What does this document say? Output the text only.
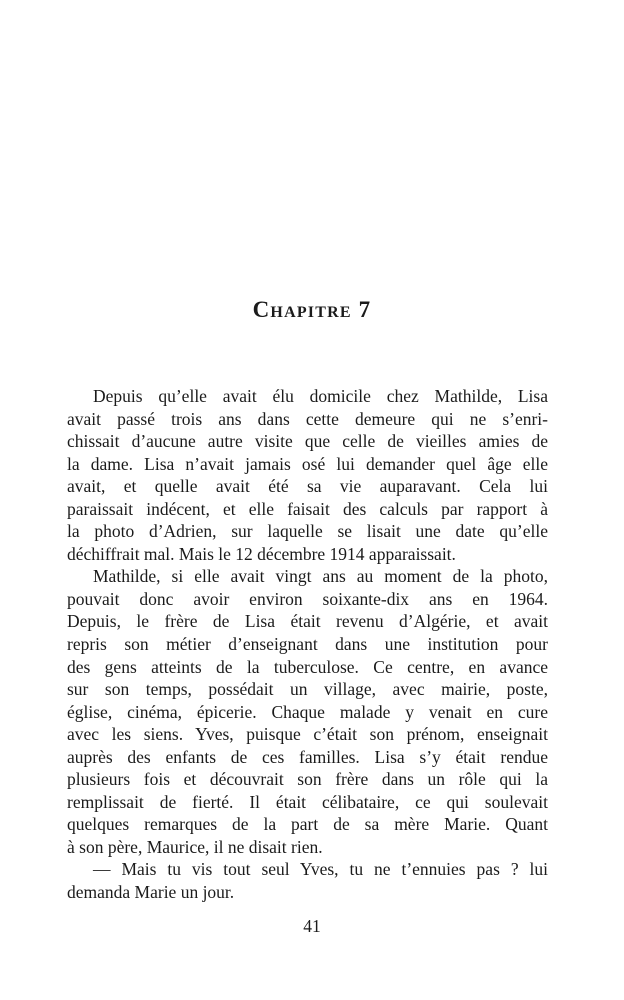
Chapitre 7
Depuis qu’elle avait élu domicile chez Mathilde, Lisa
avait passé trois ans dans cette demeure qui ne s’enri-
chissait d’aucune autre visite que celle de vieilles amies de
la dame. Lisa n’avait jamais osé lui demander quel âge elle
avait, et quelle avait été sa vie auparavant. Cela lui
paraissait indécent, et elle faisait des calculs par rapport à
la photo d’Adrien, sur laquelle se lisait une date qu’elle
déchiffrait mal. Mais le 12 décembre 1914 apparaissait.
Mathilde, si elle avait vingt ans au moment de la photo,
pouvait donc avoir environ soixante-dix ans en 1964.
Depuis, le frère de Lisa était revenu d’Algérie, et avait
repris son métier d’enseignant dans une institution pour
des gens atteints de la tuberculose. Ce centre, en avance
sur son temps, possédait un village, avec mairie, poste,
église, cinéma, épicerie. Chaque malade y venait en cure
avec les siens. Yves, puisque c’était son prénom, enseignait
auprès des enfants de ces familles. Lisa s’y était rendue
plusieurs fois et découvrait son frère dans un rôle qui la
remplissait de fierté. Il était célibataire, ce qui soulevait
quelques remarques de la part de sa mère Marie. Quant
à son père, Maurice, il ne disait rien.
— Mais tu vis tout seul Yves, tu ne t’ennuies pas ? lui
demanda Marie un jour.
41
